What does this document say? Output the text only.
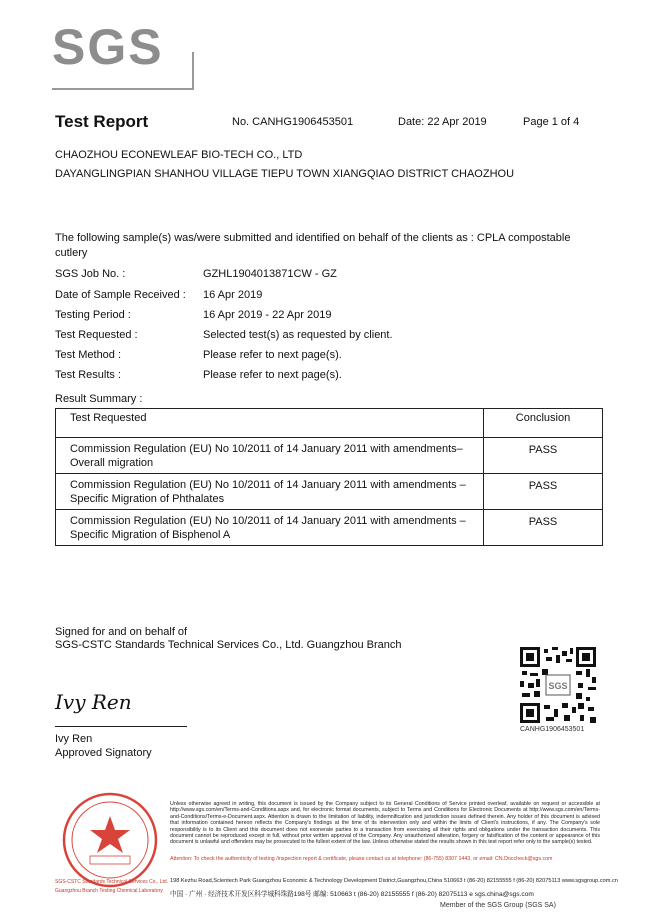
SGS
Test Report	No. CANHG1906453501	Date: 22 Apr 2019	Page 1 of 4
CHAOZHOU ECONEWLEAF BIO-TECH CO., LTD
DAYANGLINGPIAN SHANHOU VILLAGE TIEPU TOWN XIANGQIAO DISTRICT CHAOZHOU
The following sample(s) was/were submitted and identified on behalf of the clients as : CPLA compostable
cutlery
SGS Job No. :	GZHL1904013871CW - GZ
Date of Sample Received : 16 Apr 2019
Testing Period :	16 Apr 2019 - 22 Apr 2019
Test Requested :	Selected test(s) as requested by client.
Test Method :	Please refer to next page(s).
Test Results :	Please refer to next page(s).
Result Summary :
Test Requested	Conclusion

Commission Regulation (EU) No 10/2011 of 14 January 2011 with amendments–
Overall migration	PASS

Commission Regulation (EU) No 10/2011 of 14 January 2011 with amendments –
Specific Migration of Phthalates	PASS

Commission Regulation (EU) No 10/2011 of 14 January 2011 with amendments –
Specific Migration of Bisphenol A	PASS
Signed for and on behalf of
SGS-CSTC Standards Technical Services Co., Ltd. Guangzhou Branch
Ivy Ren
Ivy Ren
Approved Signatory
SGS
CANHG1906453501
Unless otherwise agreed in writing, this document is issued by the Company subject to its General Conditions of Service printed overleaf, available on request or accessible at http://www.sgs.com/en/Terms-and-Conditions.aspx and, for electronic format documents, subject to Terms and Conditions for Electronic Documents at http://www.sgs.com/en/Terms-and-Conditions/Terms-e-Document.aspx. Attention is drawn to the limitation of liability, indemnification and jurisdiction issues defined therein. Any holder of this document is advised that information contained hereon reflects the Company's findings at the time of its intervention only and within the limits of Client's instructions, if any. The Company's sole responsibility is to its Client and this document does not exonerate parties to a transaction from exercising all their rights and obligations under the transaction documents. This document cannot be reproduced except in full, without prior written approval of the Company. Any unauthorized alteration, forgery or falsification of the content or appearance of this document is unlawful and offenders may be prosecuted to the fullest extent of the law. Unless otherwise stated the results shown in this test report refer only to the sample(s) tested.
Attention: To check the authenticity of testing /inspection report & certificate, please contact us at telephone: (86-755) 8307 1443, or email: CN.Doccheck@sgs.com
198 Kezhu Road,Scientech Park Guangzhou Economic & Technology Development District,Guangzhou,China 510663 t (86-20) 82155555 f (86-20) 82075113 www.sgsgroup.com.cn
中国 · 广州 · 经济技术开发区科学城科珠路198号 邮编: 510663 t (86-20) 82155555 f (86-20) 82075113 e sgs.china@sgs.com
SGS-CSTC Standards Technical Services Co., Ltd. Guangzhou Branch Testing Chemical Laboratory
Member of the SGS Group (SGS SA)
